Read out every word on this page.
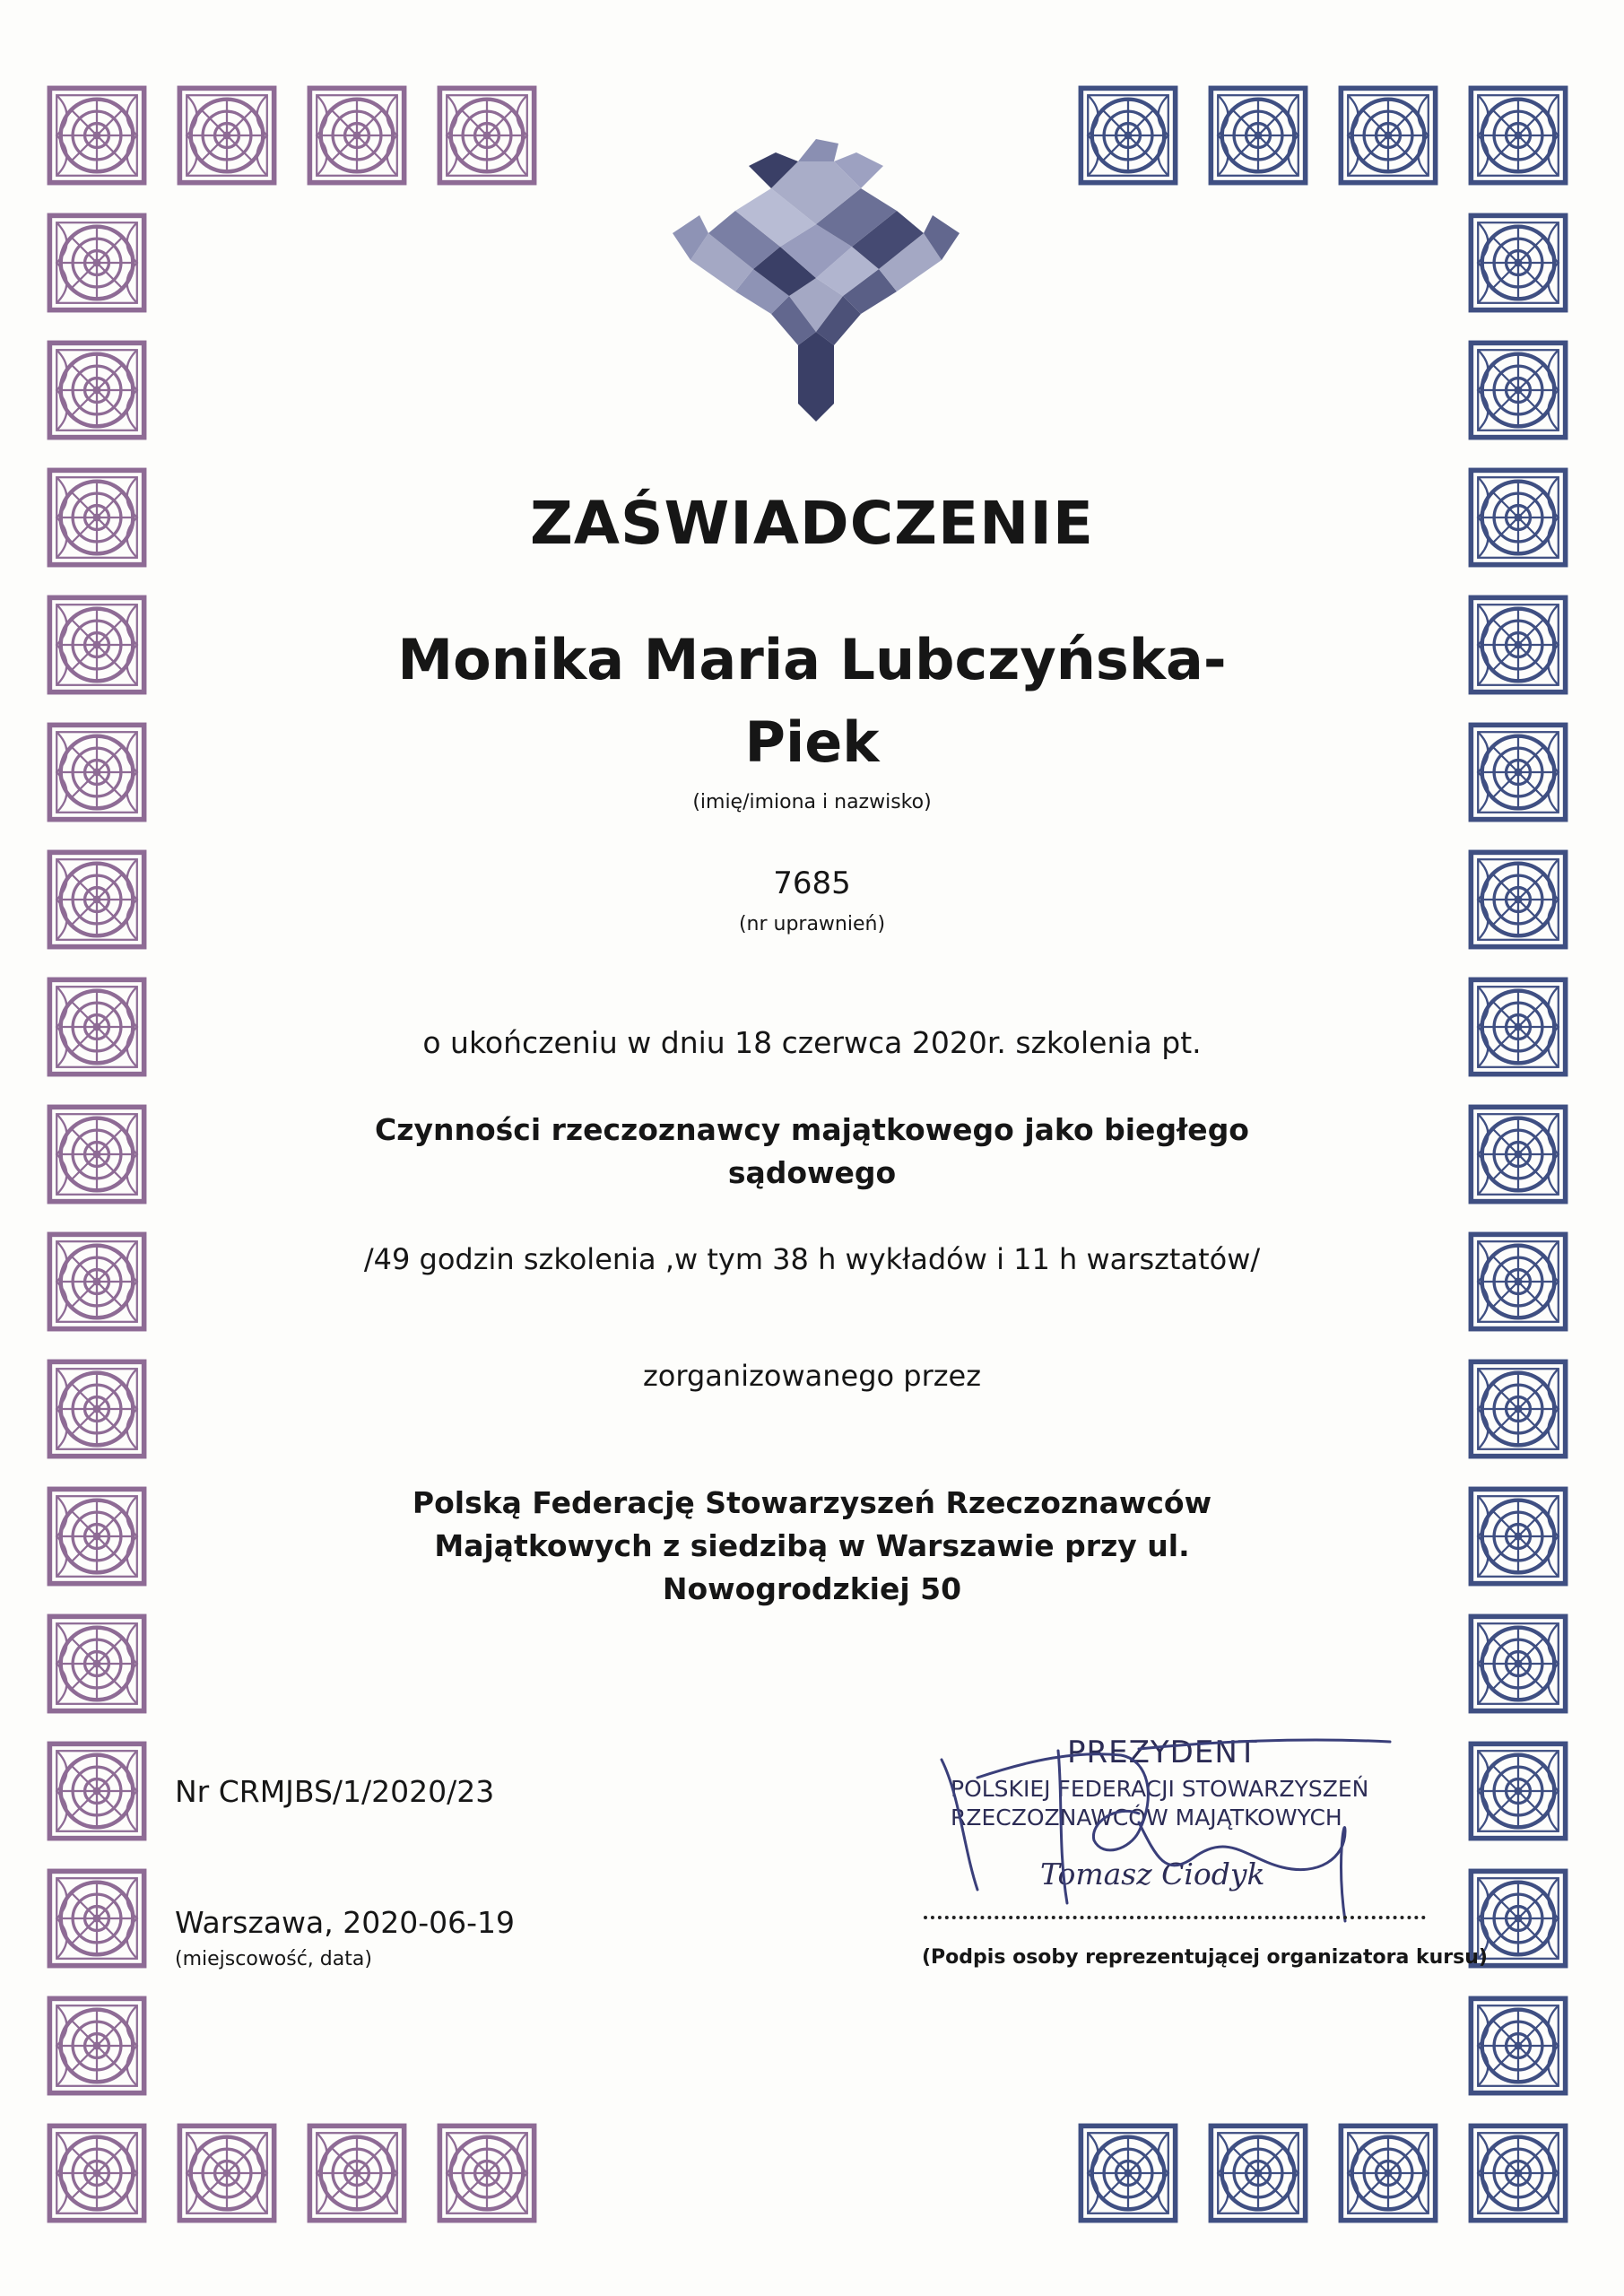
ZAŚWIADCZENIE
Monika Maria Lubczyńska-
Piek
(imię/imiona i nazwisko)
7685
(nr uprawnień)
o ukończeniu w dniu 18 czerwca 2020r. szkolenia pt.
Czynności rzeczoznawcy majątkowego jako biegłego
sądowego
/49 godzin szkolenia ,w tym 38 h wykładów i 11 h warsztatów/
zorganizowanego przez
Polską Federację Stowarzyszeń Rzeczoznawców
Majątkowych z siedzibą w Warszawie przy ul.
Nowogrodzkiej 50
Nr CRMJBS/1/2020/23
Warszawa, 2020-06-19
(miejscowość, data)
PREZYDENT
POLSKIEJ FEDERACJI STOWARZYSZEŃ
RZECZOZNAWCÓW MAJĄTKOWYCH
Tomasz Ciodyk
(Podpis osoby reprezentującej organizatora kursu)
